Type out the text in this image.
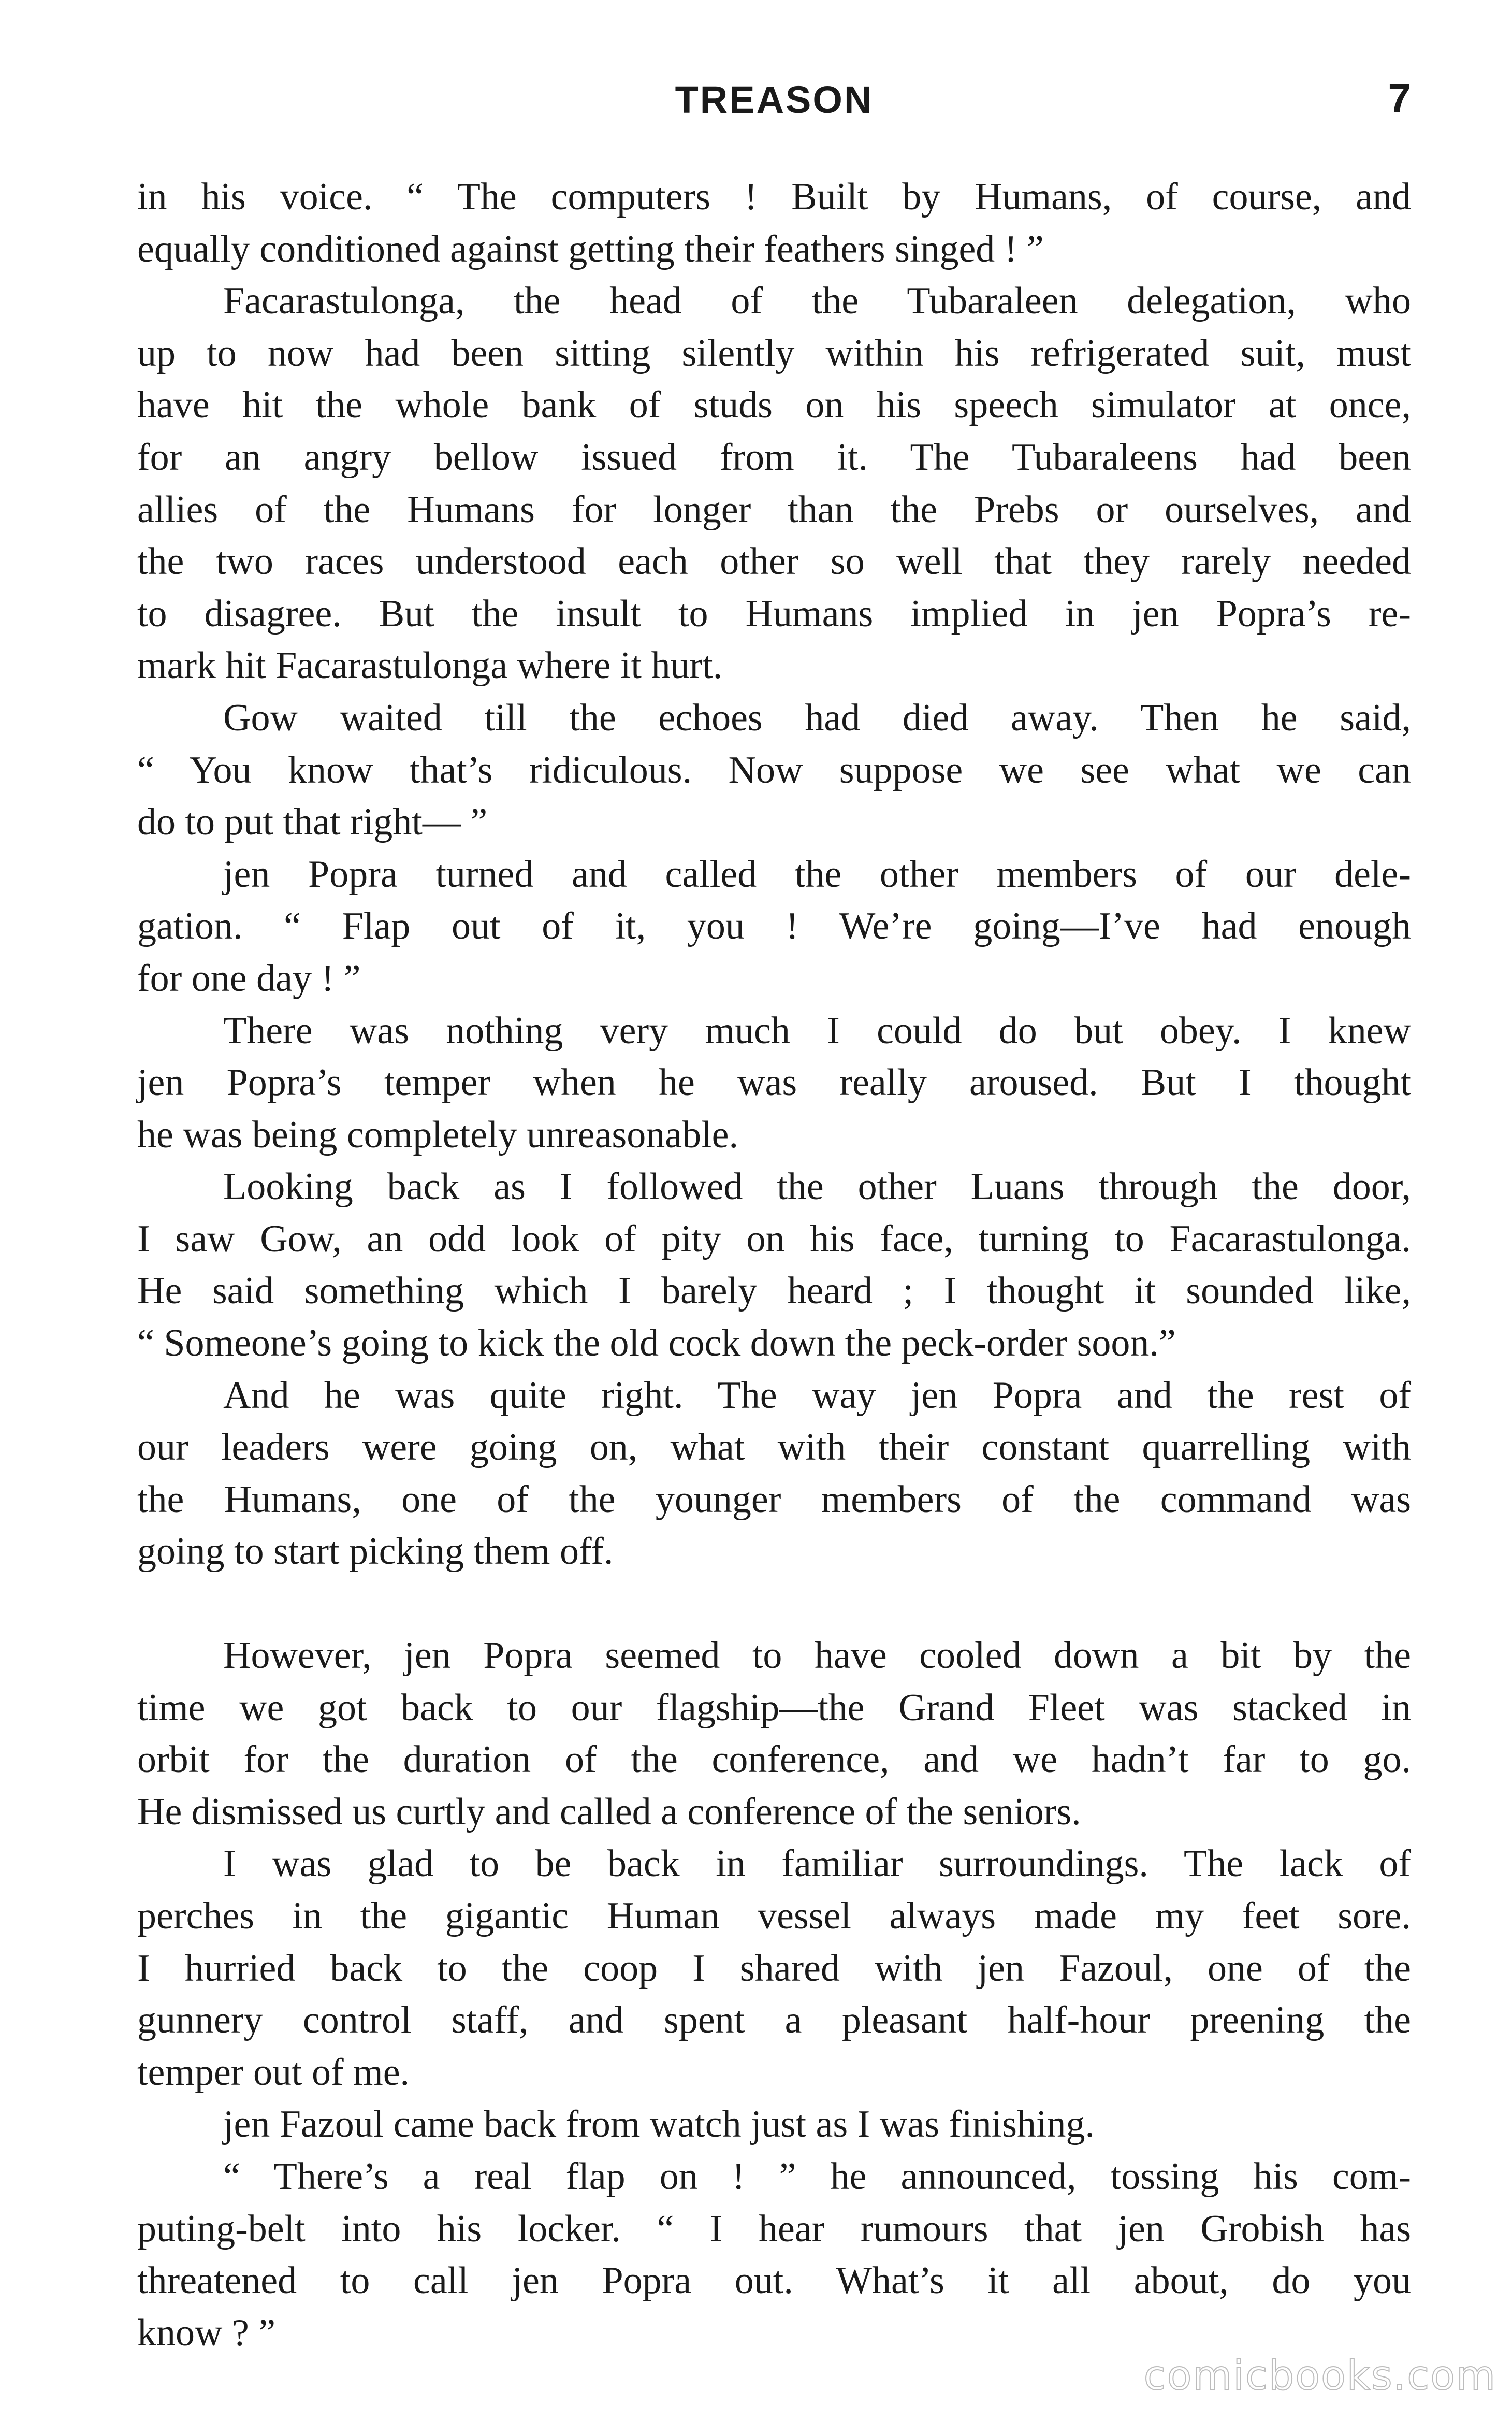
TREASON	7
in his voice. “ The computers ! Built by Humans, of course, and
equally conditioned against getting their feathers singed ! ”
Facarastulonga, the head of the Tubaraleen delegation, who
up to now had been sitting silently within his refrigerated suit, must
have hit the whole bank of studs on his speech simulator at once,
for an angry bellow issued from it. The Tubaraleens had been
allies of the Humans for longer than the Prebs or ourselves, and
the two races understood each other so well that they rarely needed
to disagree. But the insult to Humans implied in jen Popra’s re-
mark hit Facarastulonga where it hurt.
Gow waited till the echoes had died away. Then he said,
“ You know that’s ridiculous. Now suppose we see what we can
do to put that right— ”
jen Popra turned and called the other members of our dele-
gation. “ Flap out of it, you ! We’re going—I’ve had enough
for one day ! ”
There was nothing very much I could do but obey. I knew
jen Popra’s temper when he was really aroused. But I thought
he was being completely unreasonable.
Looking back as I followed the other Luans through the door,
I saw Gow, an odd look of pity on his face, turning to Facarastulonga.
He said something which I barely heard ; I thought it sounded like,
“ Someone’s going to kick the old cock down the peck-order soon.”
And he was quite right. The way jen Popra and the rest of
our leaders were going on, what with their constant quarrelling with
the Humans, one of the younger members of the command was
going to start picking them off.
However, jen Popra seemed to have cooled down a bit by the
time we got back to our flagship—the Grand Fleet was stacked in
orbit for the duration of the conference, and we hadn’t far to go.
He dismissed us curtly and called a conference of the seniors.
I was glad to be back in familiar surroundings. The lack of
perches in the gigantic Human vessel always made my feet sore.
I hurried back to the coop I shared with jen Fazoul, one of the
gunnery control staff, and spent a pleasant half-hour preening the
temper out of me.
jen Fazoul came back from watch just as I was finishing.
“ There’s a real flap on ! ” he announced, tossing his com-
puting-belt into his locker. “ I hear rumours that jen Grobish has
threatened to call jen Popra out. What’s it all about, do you
know ? ”
comicbooks.com
